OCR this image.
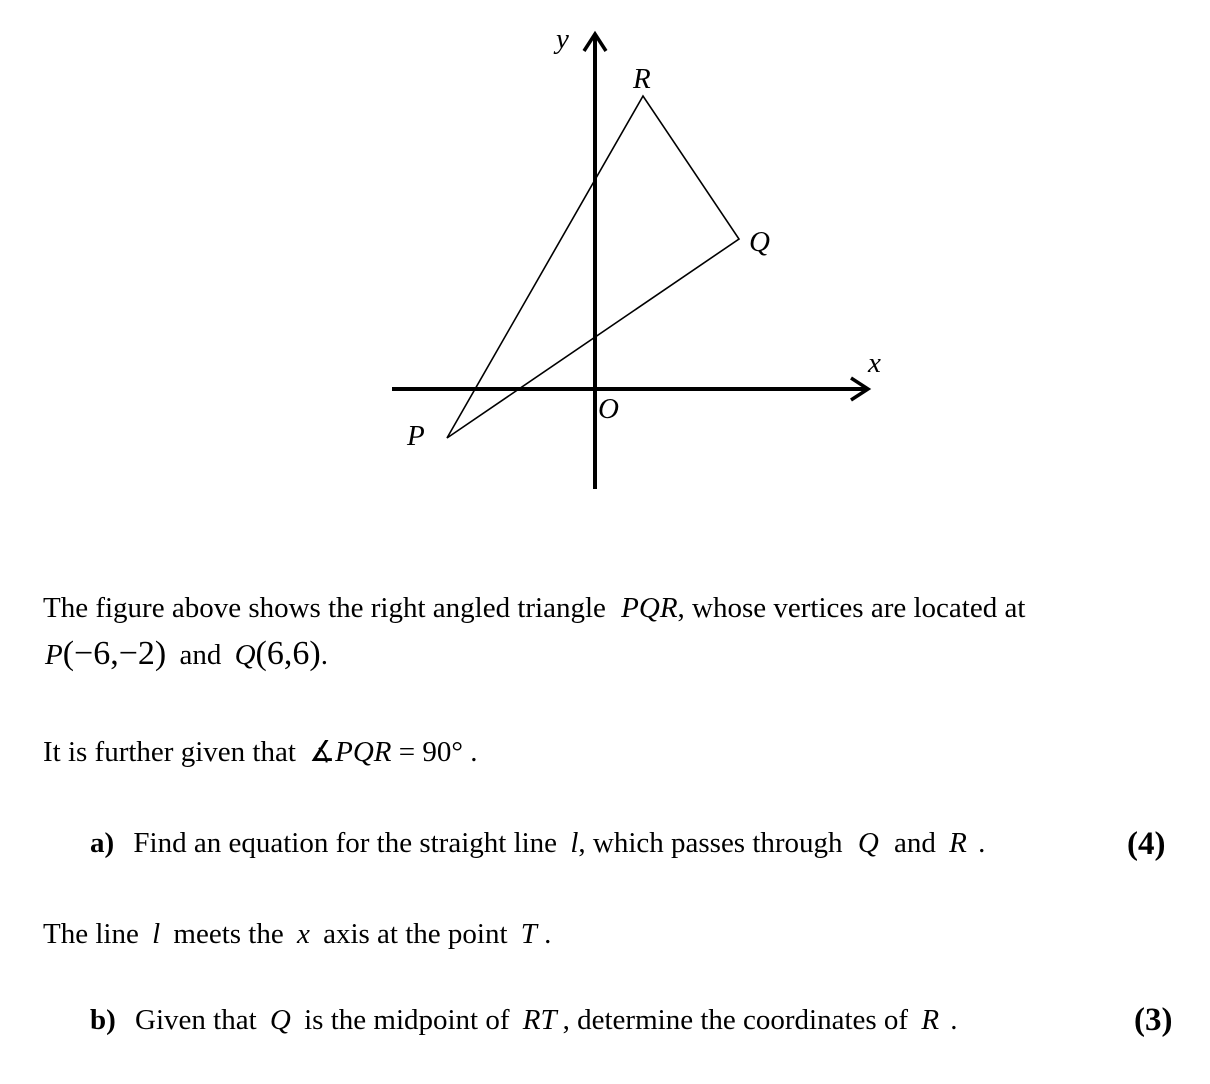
y
x
O
P
Q
R
The figure above shows the right angled triangle PQR, whose vertices are located at
P(−6,−2) and Q(6,6).
It is further given that ∡PQR = 90° .
a) Find an equation for the straight line l, which passes through Q and R .	(4)
The line l meets the x axis at the point T .
b) Given that Q is the midpoint of RT , determine the coordinates of R .	(3)
